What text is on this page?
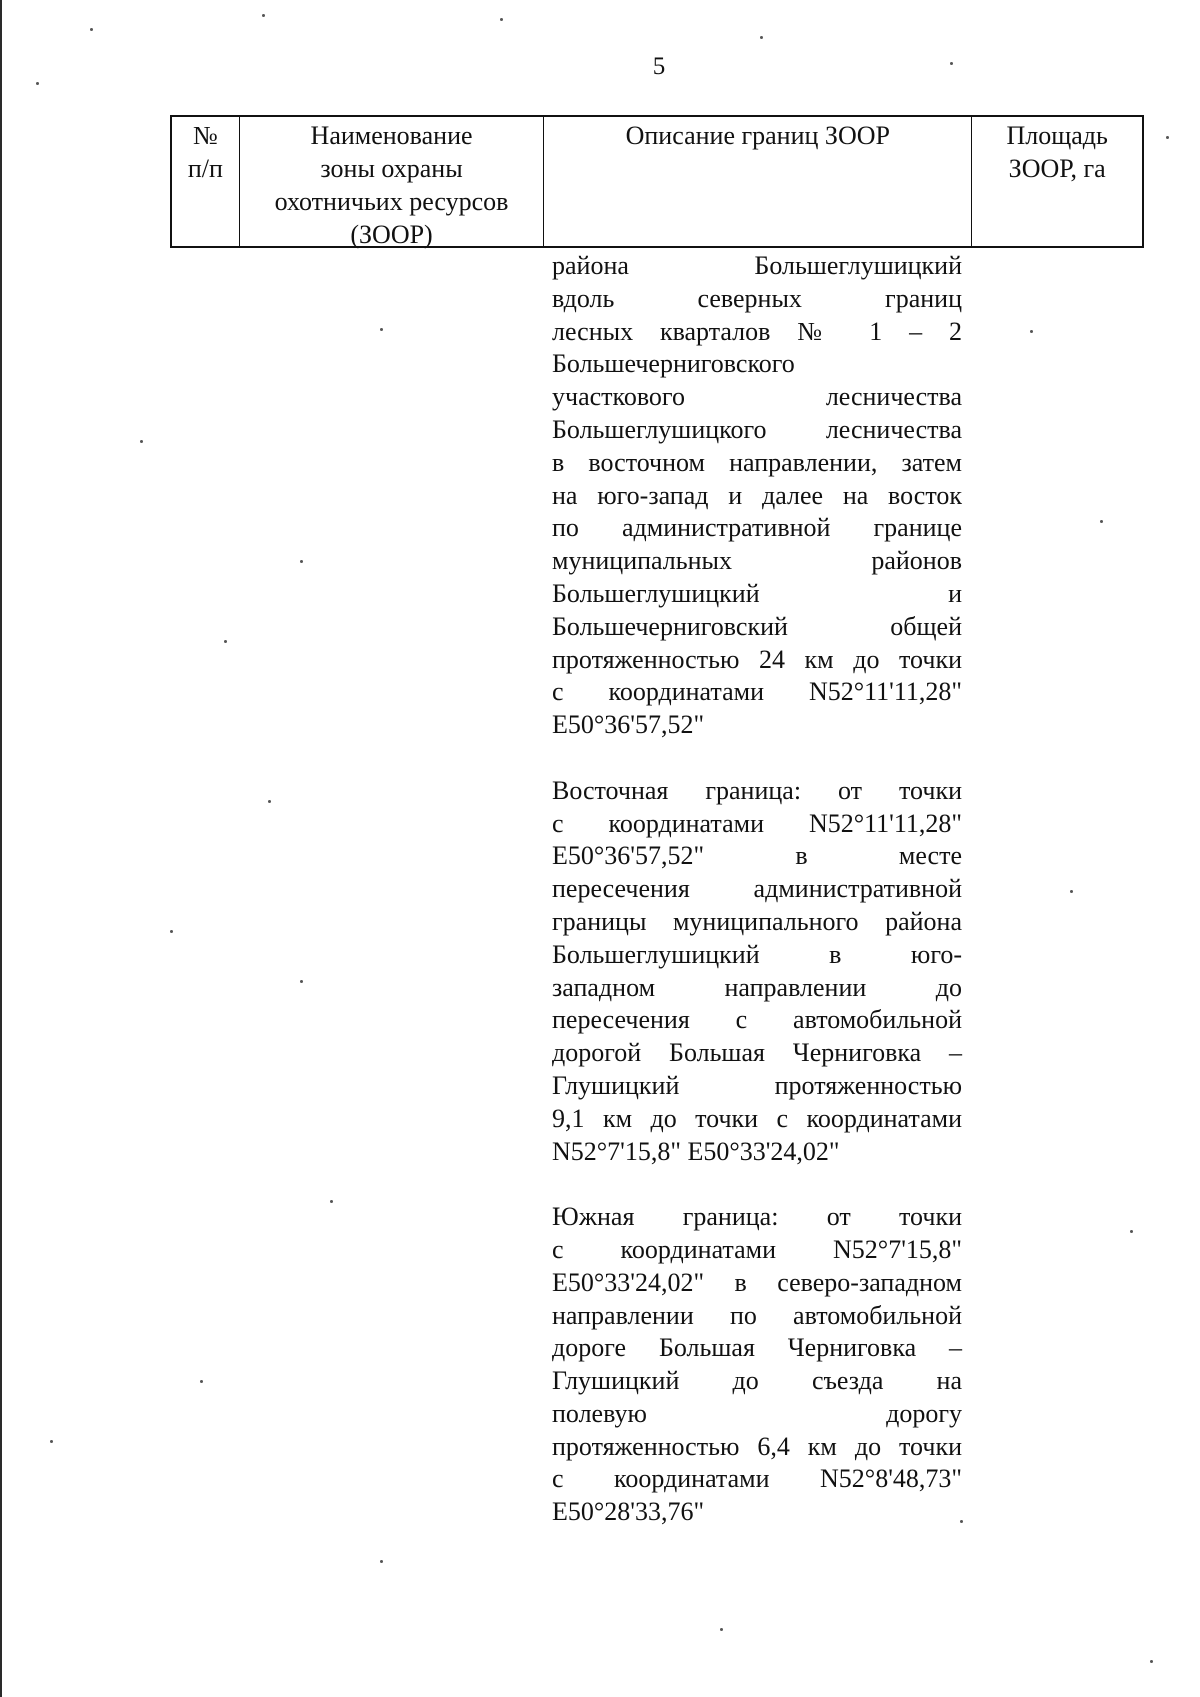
5
№
п/п
Наименование
зоны охраны
охотничьих ресурсов
(ЗООР)
Описание границ ЗООР	Площадь
ЗООР, га
района Большеглушицкий
вдоль северных границ
лесных кварталов № 1 – 2
Большечерниговского
участкового лесничества
Большеглушицкого лесничества
в восточном направлении, затем
на юго-запад и далее на восток
по административной границе
муниципальных районов
Большеглушицкий и
Большечерниговский общей
протяженностью 24 км до точки
с координатами N52°11'11,28"
E50°36'57,52"
Восточная граница: от точки
с координатами N52°11'11,28"
E50°36'57,52" в месте
пересечения административной
границы муниципального района
Большеглушицкий в юго-
западном направлении до
пересечения с автомобильной
дорогой Большая Черниговка –
Глушицкий протяженностью
9,1 км до точки с координатами
N52°7'15,8" E50°33'24,02"
Южная граница: от точки
с координатами N52°7'15,8"
E50°33'24,02" в северо-западном
направлении по автомобильной
дороге Большая Черниговка –
Глушицкий до съезда на
полевую дорогу
протяженностью 6,4 км до точки
с координатами N52°8'48,73"
E50°28'33,76"
